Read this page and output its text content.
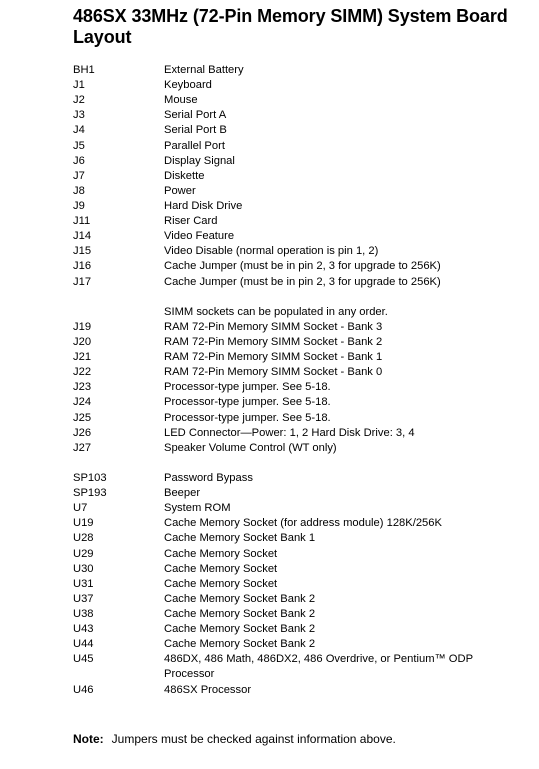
486SX 33MHz (72-Pin Memory SIMM) System Board Layout
BH1	External Battery
J1	Keyboard
J2	Mouse
J3	Serial Port A
J4	Serial Port B
J5	Parallel Port
J6	Display Signal
J7	Diskette
J8	Power
J9	Hard Disk Drive
J11	Riser Card
J14	Video Feature
J15	Video Disable (normal operation is pin 1, 2)
J16	Cache Jumper (must be in pin 2, 3 for upgrade to 256K)
J17	Cache Jumper (must be in pin 2, 3 for upgrade to 256K)
SIMM sockets can be populated in any order.
J19	RAM 72-Pin Memory SIMM Socket - Bank 3
J20	RAM 72-Pin Memory SIMM Socket - Bank 2
J21	RAM 72-Pin Memory SIMM Socket - Bank 1
J22	RAM 72-Pin Memory SIMM Socket - Bank 0
J23	Processor-type jumper. See 5-18.
J24	Processor-type jumper. See 5-18.
J25	Processor-type jumper. See 5-18.
J26	LED Connector—Power: 1, 2 Hard Disk Drive: 3, 4
J27	Speaker Volume Control (WT only)
SP103	Password Bypass
SP193	Beeper
U7	System ROM
U19	Cache Memory Socket (for address module) 128K/256K
U28	Cache Memory Socket Bank 1
U29	Cache Memory Socket
U30	Cache Memory Socket
U31	Cache Memory Socket
U37	Cache Memory Socket Bank 2
U38	Cache Memory Socket Bank 2
U43	Cache Memory Socket Bank 2
U44	Cache Memory Socket Bank 2
U45	486DX, 486 Math, 486DX2, 486 Overdrive, or Pentium™ ODP
Processor
U46	486SX Processor
Note: Jumpers must be checked against information above.
